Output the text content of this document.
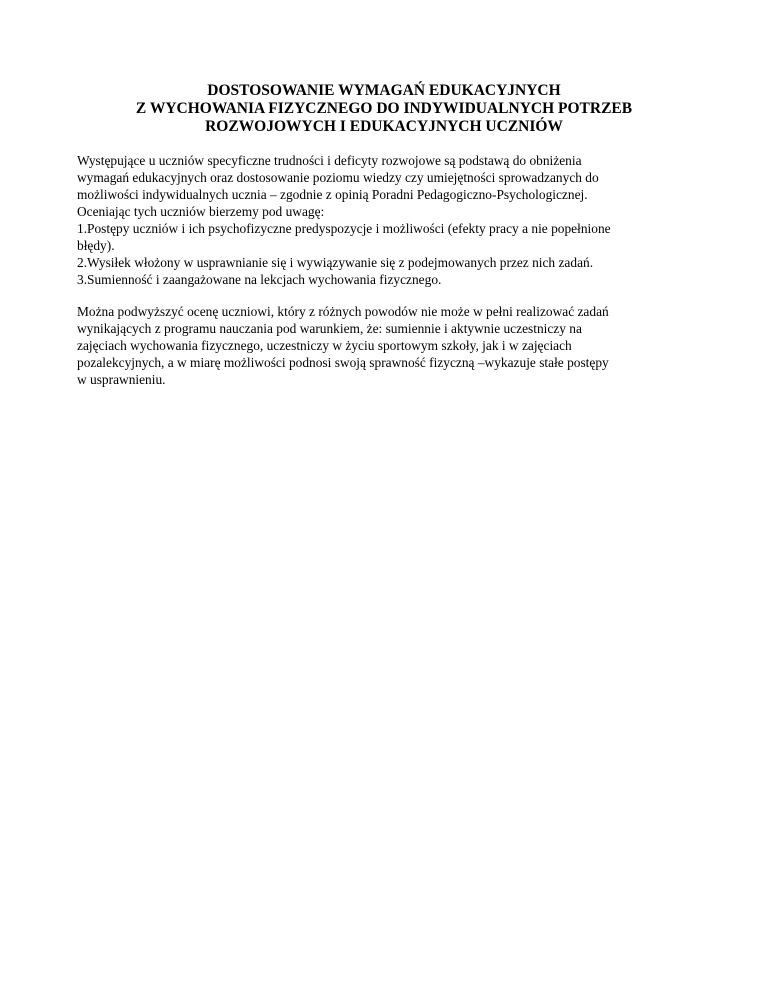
DOSTOSOWANIE WYMAGAŃ EDUKACYJNYCH
Z WYCHOWANIA FIZYCZNEGO DO INDYWIDUALNYCH POTRZEB
ROZWOJOWYCH I EDUKACYJNYCH UCZNIÓW
Występujące u uczniów specyficzne trudności i deficyty rozwojowe są podstawą do obniżenia
wymagań edukacyjnych oraz dostosowanie poziomu wiedzy czy umiejętności sprowadzanych do
możliwości indywidualnych ucznia – zgodnie z opinią Poradni Pedagogiczno-Psychologicznej.
Oceniając tych uczniów bierzemy pod uwagę:
1.Postępy uczniów i ich psychofizyczne predyspozycje i możliwości (efekty pracy a nie popełnione
błędy).
2.Wysiłek włożony w usprawnianie się i wywiązywanie się z podejmowanych przez nich zadań.
3.Sumienność i zaangażowane na lekcjach wychowania fizycznego.
Można podwyższyć ocenę uczniowi, który z różnych powodów nie może w pełni realizować zadań
wynikających z programu nauczania pod warunkiem, że: sumiennie i aktywnie uczestniczy na
zajęciach wychowania fizycznego, uczestniczy w życiu sportowym szkoły, jak i w zajęciach
pozalekcyjnych, a w miarę możliwości podnosi swoją sprawność fizyczną –wykazuje stałe postępy
w usprawnieniu.
